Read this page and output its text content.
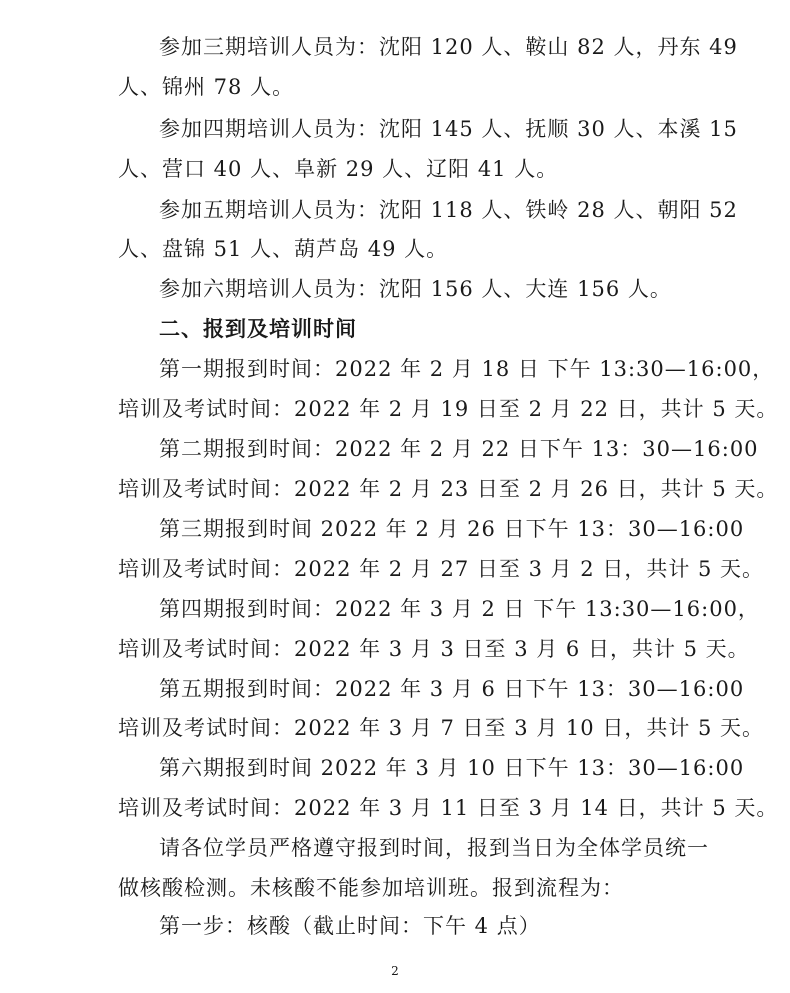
参加三期培训人员为：沈阳 120 人、鞍山 82 人，丹东 49
人、锦州 78 人。
参加四期培训人员为：沈阳 145 人、抚顺 30 人、本溪 15
人、营口 40 人、阜新 29 人、辽阳 41 人。
参加五期培训人员为：沈阳 118 人、铁岭 28 人、朝阳 52
人、盘锦 51 人、葫芦岛 49 人。
参加六期培训人员为：沈阳 156 人、大连 156 人。
二、报到及培训时间
第一期报到时间：2022 年 2 月 18 日 下午 13:30—16:00，
培训及考试时间：2022 年 2 月 19 日至 2 月 22 日，共计 5 天。
第二期报到时间：2022 年 2 月 22 日下午 13：30—16:00
培训及考试时间：2022 年 2 月 23 日至 2 月 26 日，共计 5 天。
第三期报到时间 2022 年 2 月 26 日下午 13：30—16:00
培训及考试时间：2022 年 2 月 27 日至 3 月 2 日，共计 5 天。
第四期报到时间：2022 年 3 月 2 日 下午 13:30—16:00，
培训及考试时间：2022 年 3 月 3 日至 3 月 6 日，共计 5 天。
第五期报到时间：2022 年 3 月 6 日下午 13：30—16:00
培训及考试时间：2022 年 3 月 7 日至 3 月 10 日，共计 5 天。
第六期报到时间 2022 年 3 月 10 日下午 13：30—16:00
培训及考试时间：2022 年 3 月 11 日至 3 月 14 日，共计 5 天。
请各位学员严格遵守报到时间，报到当日为全体学员统一
做核酸检测。未核酸不能参加培训班。报到流程为：
第一步：核酸（截止时间：下午 4 点）
2
